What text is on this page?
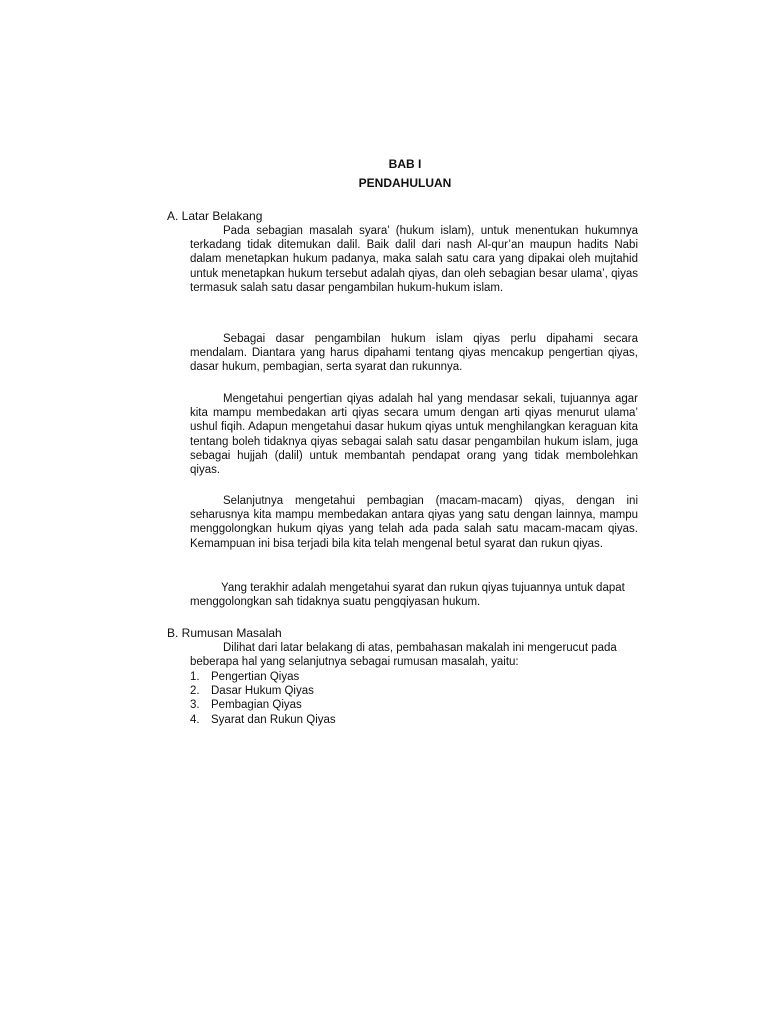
BAB I
PENDAHULUAN
A. Latar Belakang

Pada sebagian masalah syara’ (hukum islam), untuk menentukan hukumnya terkadang tidak ditemukan dalil. Baik dalil dari nash Al-qur’an maupun hadits Nabi dalam menetapkan hukum padanya, maka salah satu cara yang dipakai oleh mujtahid untuk menetapkan hukum tersebut adalah qiyas, dan oleh sebagian besar ulama’, qiyas termasuk salah satu dasar pengambilan hukum-hukum islam.

Sebagai dasar pengambilan hukum islam qiyas perlu dipahami secara mendalam. Diantara yang harus dipahami tentang qiyas mencakup pengertian qiyas, dasar hukum, pembagian, serta syarat dan rukunnya.

Mengetahui pengertian qiyas adalah hal yang mendasar sekali, tujuannya agar kita mampu membedakan arti qiyas secara umum dengan arti qiyas menurut ulama’ ushul fiqih. Adapun mengetahui dasar hukum qiyas untuk menghilangkan keraguan kita tentang boleh tidaknya qiyas sebagai salah satu dasar pengambilan hukum islam, juga sebagai hujjah (dalil) untuk membantah pendapat orang yang tidak membolehkan qiyas.

Selanjutnya mengetahui pembagian (macam-macam) qiyas, dengan ini seharusnya kita mampu membedakan antara qiyas yang satu dengan lainnya, mampu menggolongkan hukum qiyas yang telah ada pada salah satu macam-macam qiyas. Kemampuan ini bisa terjadi bila kita telah mengenal betul syarat dan rukun qiyas.

Yang terakhir adalah mengetahui syarat dan rukun qiyas tujuannya untuk dapat menggolongkan sah tidaknya suatu pengqiyasan hukum.

B. Rumusan Masalah

Dilihat dari latar belakang di atas, pembahasan makalah ini mengerucut pada beberapa hal yang selanjutnya sebagai rumusan masalah, yaitu:

1. Pengertian Qiyas
2. Dasar Hukum Qiyas
3. Pembagian Qiyas
4. Syarat dan Rukun Qiyas
